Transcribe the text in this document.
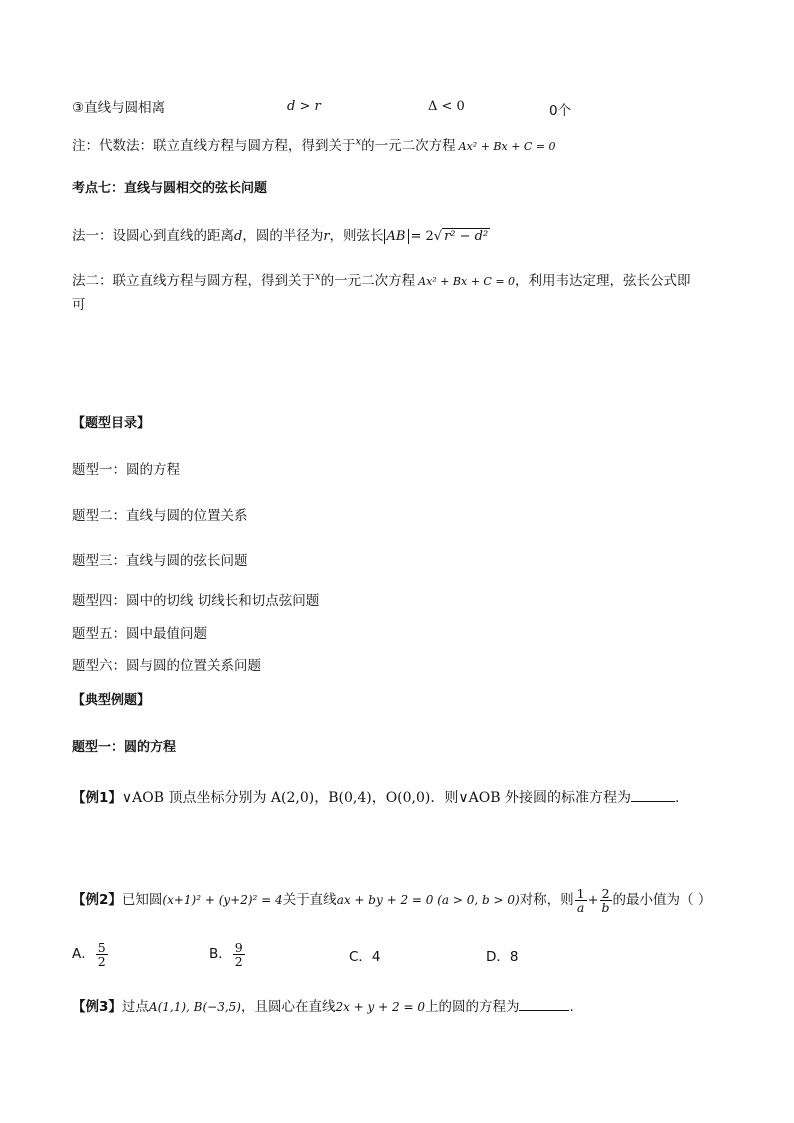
③直线与圆相离	d > r	Δ < 0	0个
注：代数法：联立直线方程与圆方程，得到关于$^x$的一元二次方程 Ax² + Bx + C = 0
考点七：直线与圆相交的弦长问题
法一：设圆心到直线的距离d，圆的半径为r，则弦长 AB = 2√ r² − d²
法二：联立直线方程与圆方程，得到关于$^x$的一元二次方程 Ax² + Bx + C = 0，利用韦达定理，弦长公式即
可
【题型目录】
题型一：圆的方程
题型二：直线与圆的位置关系
题型三：直线与圆的弦长问题
题型四：圆中的切线 切线长和切点弦问题
题型五：圆中最值问题
题型六：圆与圆的位置关系问题
【典型例题】
题型一：圆的方程
【例1】∨AOB 顶点坐标分别为 A(2,0)，B(0,4)，O(0,0)．则∨AOB 外接圆的标准方程为	.
【例2】已知圆(x+1)² + (y+2)² = 4关于直线ax + by + 2 = 0 (a > 0, b > 0)对称，则 $\frac{1}{a} + \frac{2}{b}$ 的最小值为（ ）
A． $\frac{5}{2}$	B． $\frac{9}{2}$	C．4	D．8
【例3】过点A(1,1), B(−3,5)，且圆心在直线2x + y + 2 = 0上的圆的方程为	.
